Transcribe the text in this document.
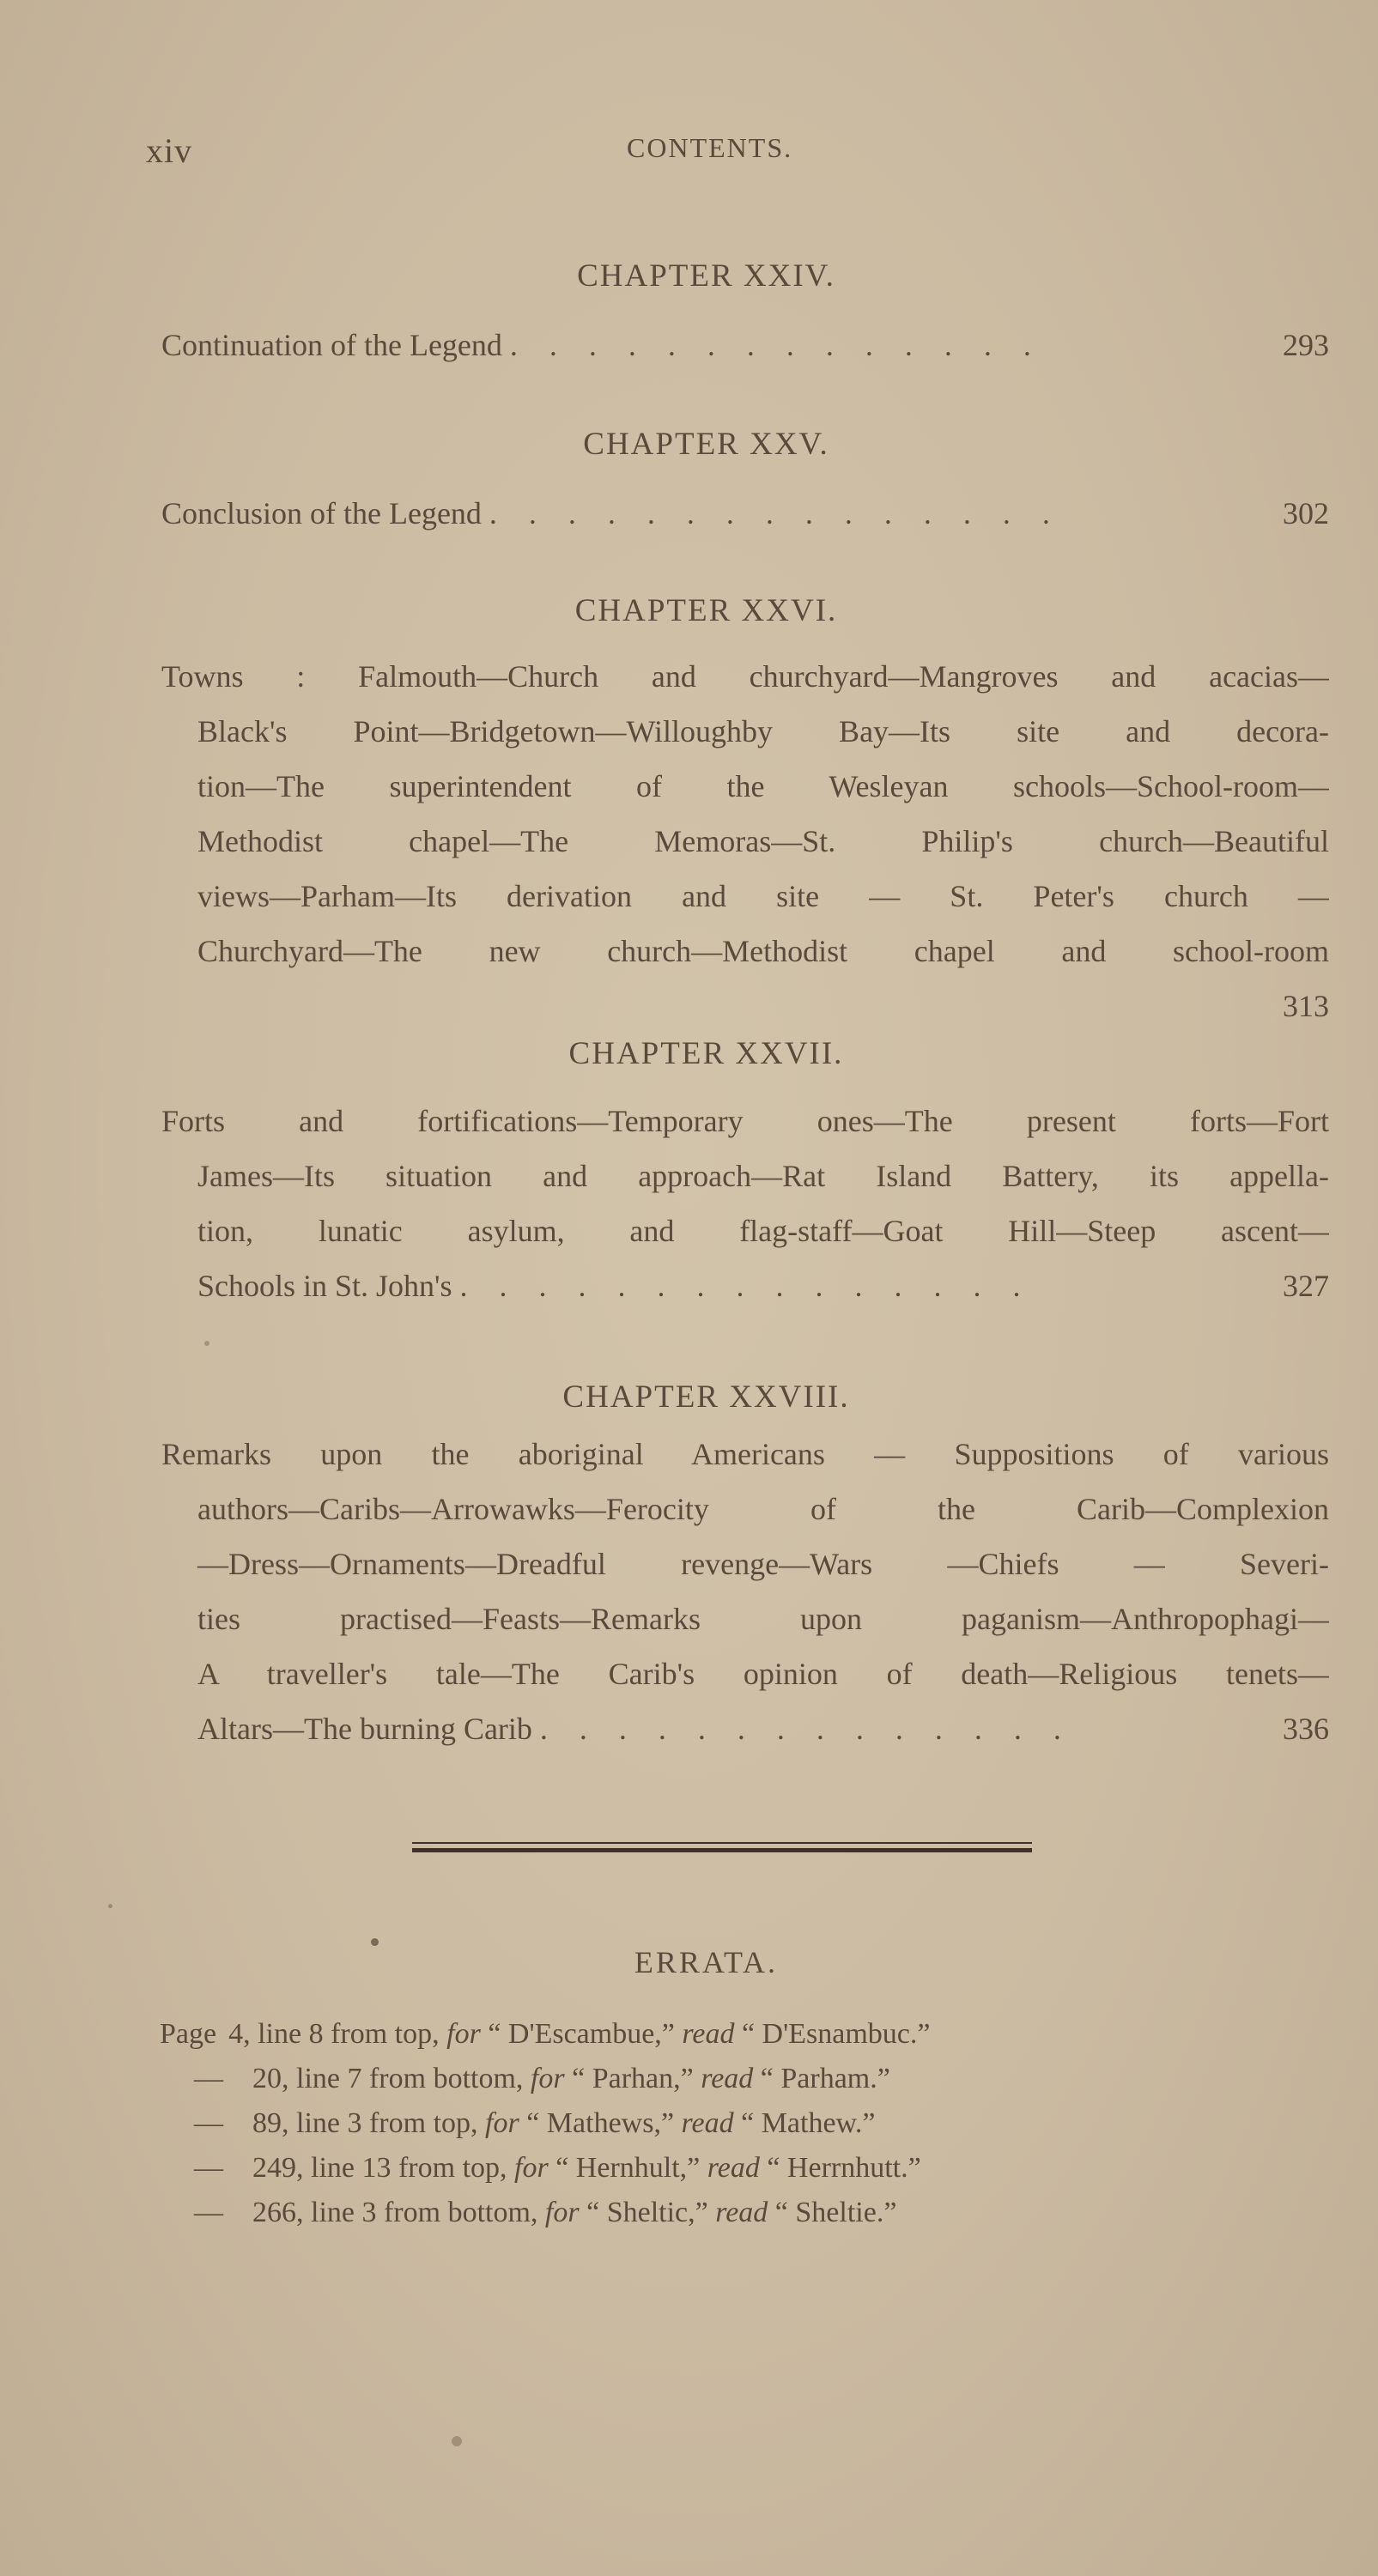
xiv	CONTENTS.
CHAPTER XXIV.
Continuation of the Legend . . . . . . . . . . . . . .	293
CHAPTER XXV.
Conclusion of the Legend . . . . . . . . . . . . . . .	302
CHAPTER XXVI.
Towns : Falmouth—Church and churchyard—Mangroves and acacias—
Black's Point—Bridgetown—Willoughby Bay—Its site and decora-
tion—The superintendent of the Wesleyan schools—School-room—
Methodist chapel—The Memoras—St. Philip's church—Beautiful
views—Parham—Its derivation and site — St. Peter's church —
Churchyard—The new church—Methodist chapel and school-room
313
CHAPTER XXVII.
Forts and fortifications—Temporary ones—The present forts—Fort
James—Its situation and approach—Rat Island Battery, its appella-
tion, lunatic asylum, and flag-staff—Goat Hill—Steep ascent—
Schools in St. John's . . . . . . . . . . . . . . .	327
CHAPTER XXVIII.
Remarks upon the aboriginal Americans — Suppositions of various
authors—Caribs—Arrowawks—Ferocity of the Carib—Complexion
—Dress—Ornaments—Dreadful revenge—Wars —Chiefs — Severi-
ties practised—Feasts—Remarks upon paganism—Anthropophagi—
A traveller's tale—The Carib's opinion of death—Religious tenets—
Altars—The burning Carib . . . . . . . . . . . . . .	336
ERRATA.
Page 4, line 8 from top, for “ D'Escambue,” read “ D'Esnambuc.”
— 20, line 7 from bottom, for “ Parhan,” read “ Parham.”
— 89, line 3 from top, for “ Mathews,” read “ Mathew.”
— 249, line 13 from top, for “ Hernhult,” read “ Herrnhutt.”
— 266, line 3 from bottom, for “ Sheltic,” read “ Sheltie.”
